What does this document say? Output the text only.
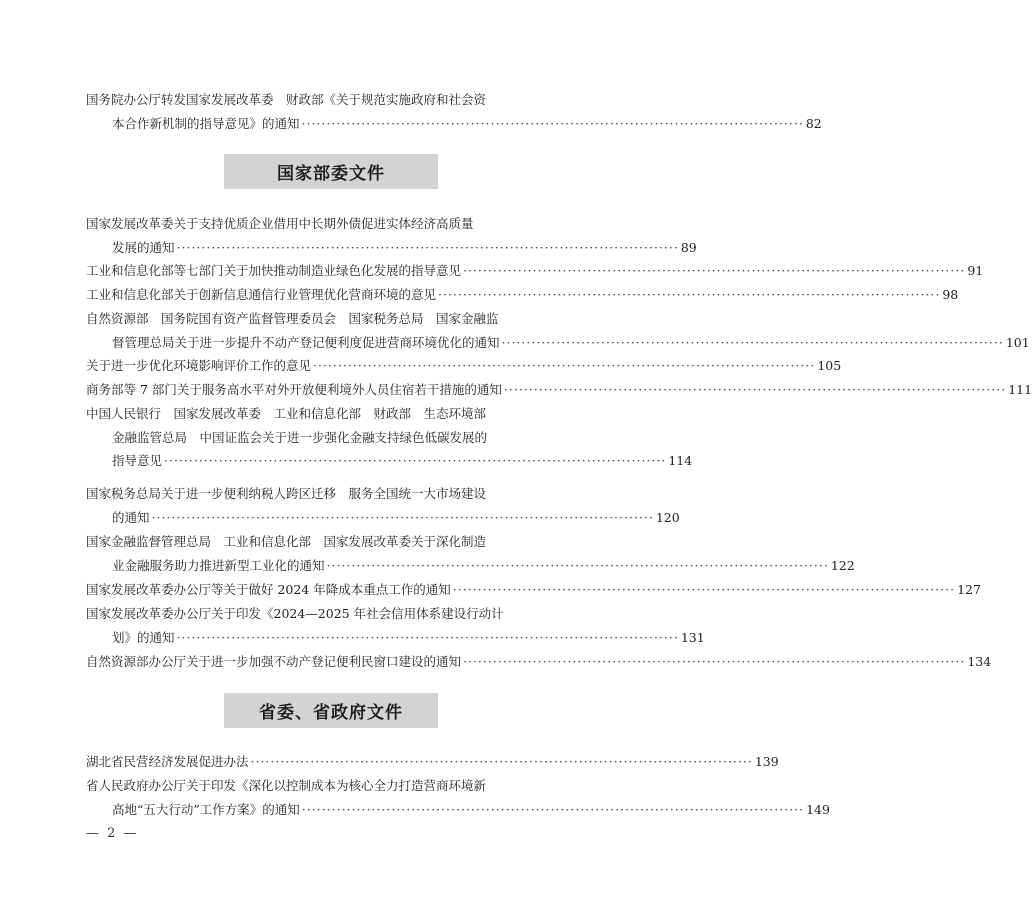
国务院办公厅转发国家发展改革委　财政部《关于规范实施政府和社会资
本合作新机制的指导意见》的通知 ····································································································· 82
国家部委文件
国家发展改革委关于支持优质企业借用中长期外债促进实体经济高质量
发展的通知 ····································································································· 89
工业和信息化部等七部门关于加快推动制造业绿色化发展的指导意见 ····································································································· 91
工业和信息化部关于创新信息通信行业管理优化营商环境的意见 ····································································································· 98
自然资源部　国务院国有资产监督管理委员会　国家税务总局　国家金融监
督管理总局关于进一步提升不动产登记便利度促进营商环境优化的通知 ····································································································· 101
关于进一步优化环境影响评价工作的意见 ····································································································· 105
商务部等 7 部门关于服务高水平对外开放便利境外人员住宿若干措施的通知 ····································································································· 111
中国人民银行　国家发展改革委　工业和信息化部　财政部　生态环境部
金融监管总局　中国证监会关于进一步强化金融支持绿色低碳发展的
指导意见 ····································································································· 114
国家税务总局关于进一步便利纳税人跨区迁移　服务全国统一大市场建设
的通知 ····································································································· 120
国家金融监督管理总局　工业和信息化部　国家发展改革委关于深化制造
业金融服务助力推进新型工业化的通知 ····································································································· 122
国家发展改革委办公厅等关于做好 2024 年降成本重点工作的通知 ····································································································· 127
国家发展改革委办公厅关于印发《2024—2025 年社会信用体系建设行动计
划》的通知 ····································································································· 131
自然资源部办公厅关于进一步加强不动产登记便利民窗口建设的通知 ····································································································· 134
省委、省政府文件
湖北省民营经济发展促进办法 ····································································································· 139
省人民政府办公厅关于印发《深化以控制成本为核心全力打造营商环境新
高地“五大行动”工作方案》的通知 ····································································································· 149
— 2 —
